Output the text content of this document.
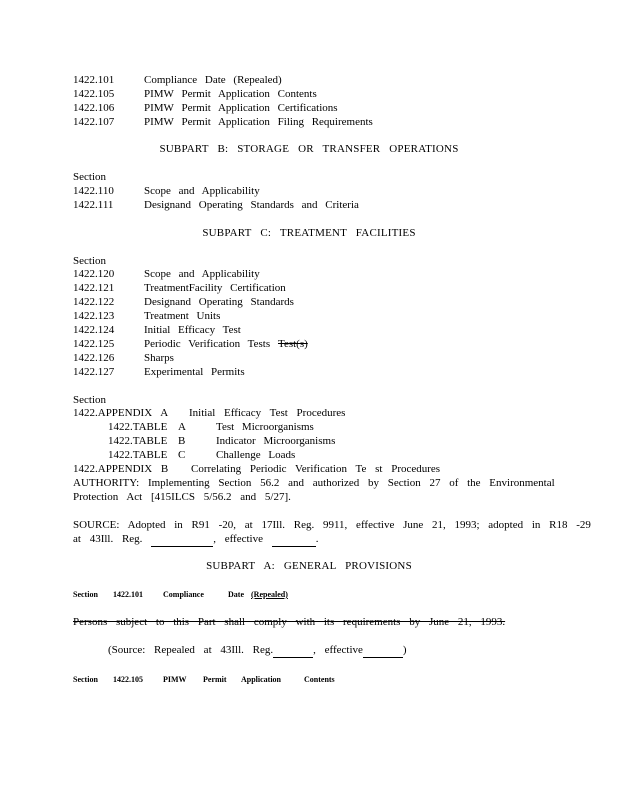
1422.101	Compliance Date (Repealed)
1422.105	PIMW Permit Application Contents
1422.106	PIMW Permit Application Certifications
1422.107	PIMW Permit Application Filing Requirements
SUBPART B: STORAGE OR TRANSFER OPERATIONS
Section
1422.110	Scope and Applicability
1422.111	Designand Operating Standards and Criteria
SUBPART C: TREATMENT FACILITIES
Section
1422.120	Scope and Applicability
1422.121	TreatmentFacility Certification
1422.122	Designand Operating Standards
1422.123	Treatment Units
1422.124	Initial Efficacy Test
1422.125	Periodic Verification Tests Test(s)
1422.126	Sharps
1422.127	Experimental Permits
Section
1422.APPENDIX A Initial Efficacy Test Procedures
1422.TABLE A	Test Microorganisms
1422.TABLE B	Indicator Microorganisms
1422.TABLE C	Challenge Loads
1422.APPENDIX B Correlating Periodic Verification Te st Procedures
AUTHORITY: Implementing Section 56.2 and authorized by Section 27 of the Environmental
Protection Act [415ILCS 5/56.2 and 5/27].
SOURCE: Adopted in R91 -20, at 17Ill. Reg. 9911, effective June 21, 1993; adopted in R18 -29
at 43Ill. Reg.	, effective	.
SUBPART A: GENERAL PROVISIONS
Section 1422.101	Compliance	Date (Repealed)
Persons subject to this Part shall comply with its requirements by June 21, 1993.
(Source: Repealed at 43Ill. Reg.	, effective	)
Section 1422.105	PIMW Permit Application	Contents
